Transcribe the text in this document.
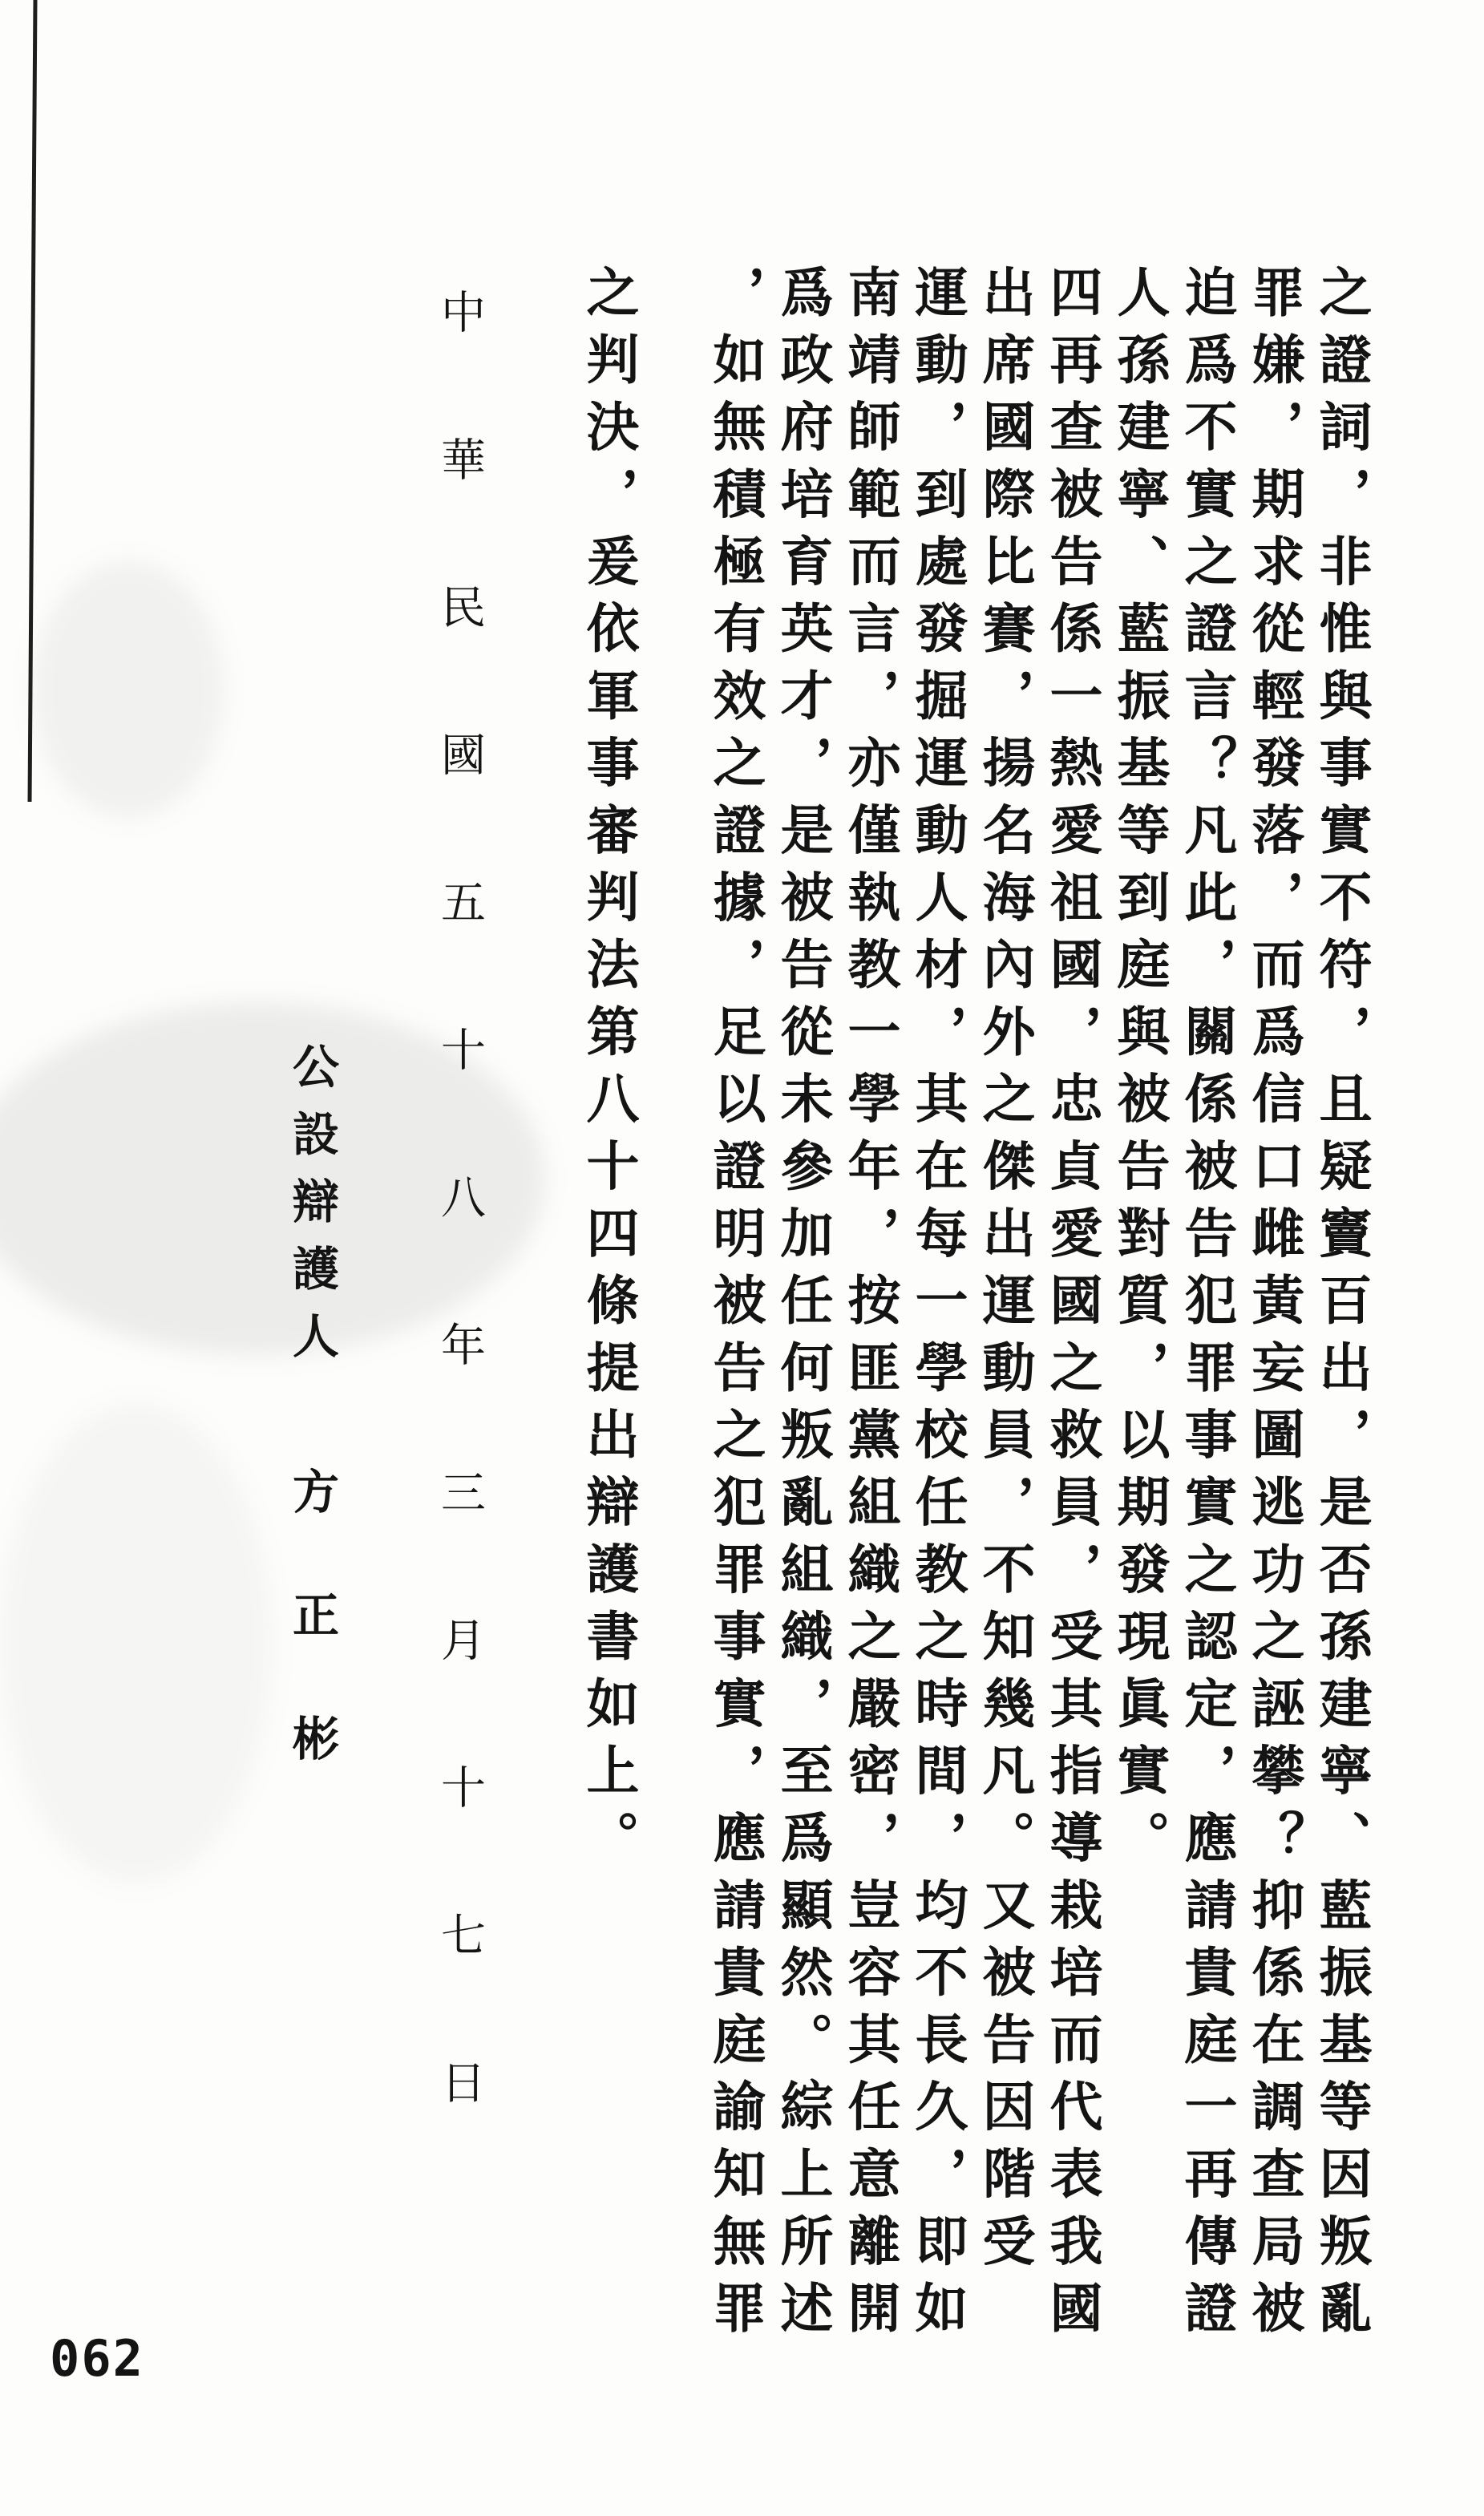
之證詞，非惟與事實不符，且疑竇百出，是否孫建寧、藍振基等因叛亂
罪嫌，期求從輕發落，而爲信口雌黃妄圖逃功之誣攀？抑係在調查局被
迫爲不實之證言？凡此，關係被告犯罪事實之認定，應請貴庭一再傳證
人孫建寧、藍振基等到庭與被告對質，以期發現眞實。
四再查被告係一熱愛祖國，忠貞愛國之救員，受其指導栽培而代表我國
出席國際比賽，揚名海內外之傑出運動員，不知幾凡。又被告因階受
運動，到處發掘運動人材，其在每一學校任教之時間，均不長久，即如
南靖師範而言，亦僅執教一學年，按匪黨組織之嚴密，豈容其任意離開
爲政府培育英才，是被告從未參加任何叛亂組織，至爲顯然。綜上所述
，如無積極有效之證據，足以證明被告之犯罪事實，應請貴庭諭知無罪
之判決，爰依軍事審判法第八十四條提出辯護書如上。
中華民國五十八年三月十七日
公設辯護人方正彬
062
